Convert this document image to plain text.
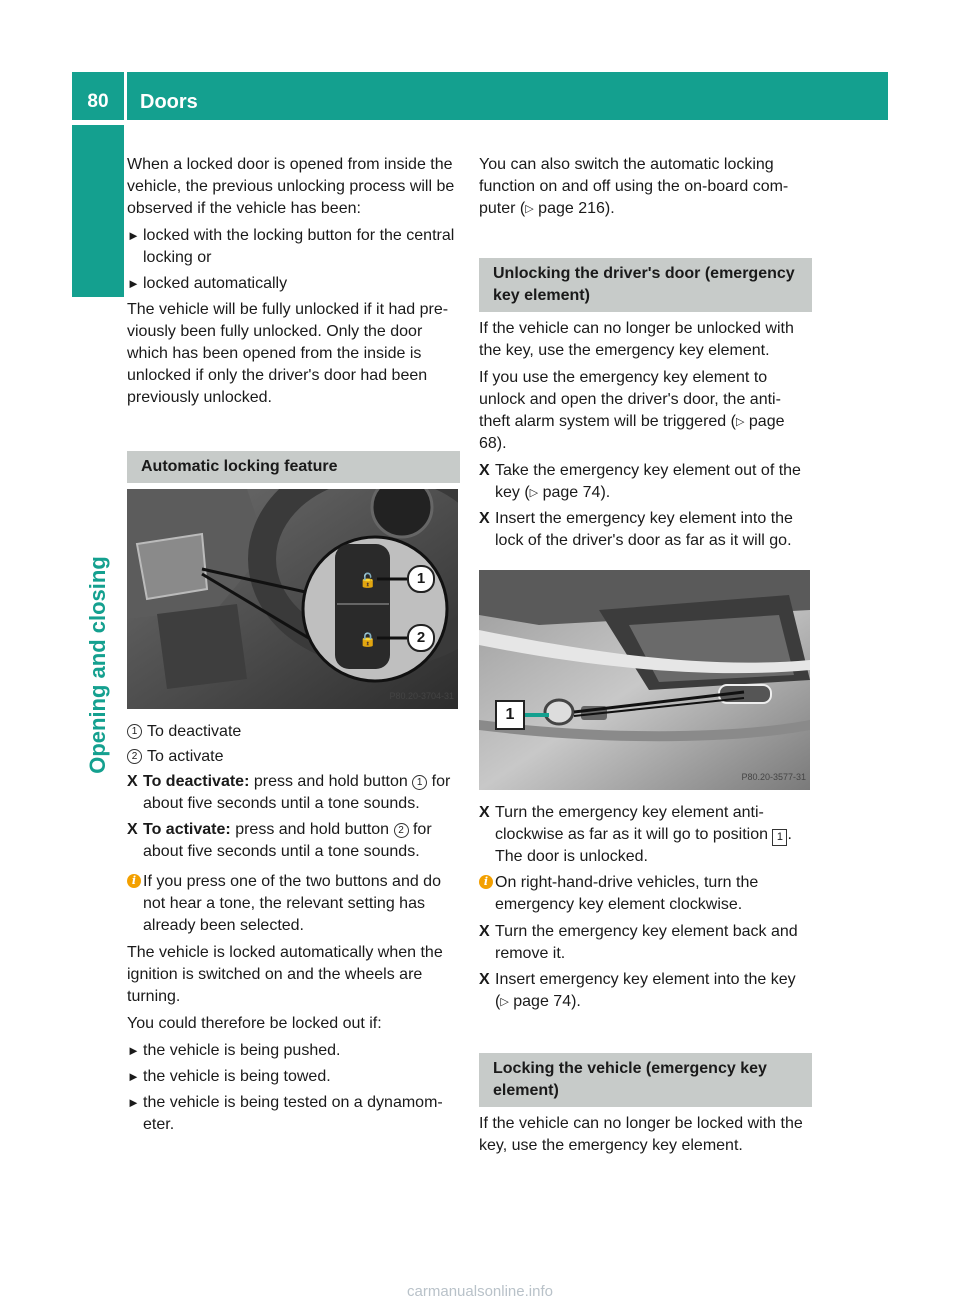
80	Doors
Opening and closing

When a locked door is opened from inside the vehicle, the previous unlocking process will be observed if the vehicle has been:

► locked with the locking button for the central locking or
► locked automatically

The vehicle will be fully unlocked if it had previously been fully unlocked. Only the door which has been opened from the inside is unlocked if only the driver's door had been previously unlocked.

Automatic locking feature
🔓
🔒
1
2
P80.20-3704-31
1 To deactivate
2 To activate
X To deactivate: press and hold button 1 for about five seconds until a tone sounds.
X To activate: press and hold button 2 for about five seconds until a tone sounds.
i If you press one of the two buttons and do not hear a tone, the relevant setting has already been selected.

The vehicle is locked automatically when the ignition is switched on and the wheels are turning.

You could therefore be locked out if:

► the vehicle is being pushed.
► the vehicle is being towed.
► the vehicle is being tested on a dynamometer.

You can also switch the automatic locking function on and off using the on-board computer (▷ page 216).

Unlocking the driver's door (emergency key element)

If the vehicle can no longer be unlocked with the key, use the emergency key element.

If you use the emergency key element to unlock and open the driver's door, the anti-theft alarm system will be triggered (▷ page 68).

X Take the emergency key element out of the key (▷ page 74).
X Insert the emergency key element into the lock of the driver's door as far as it will go.
1
P80.20-3577-31
X Turn the emergency key element anti-clockwise as far as it will go to position 1 . The door is unlocked.
i On right-hand-drive vehicles, turn the emergency key element clockwise.
X Turn the emergency key element back and remove it.
X Insert emergency key element into the key (▷ page 74).
Locking the vehicle (emergency key element)

If the vehicle can no longer be locked with the key, use the emergency key element.

carmanualsonline.info
